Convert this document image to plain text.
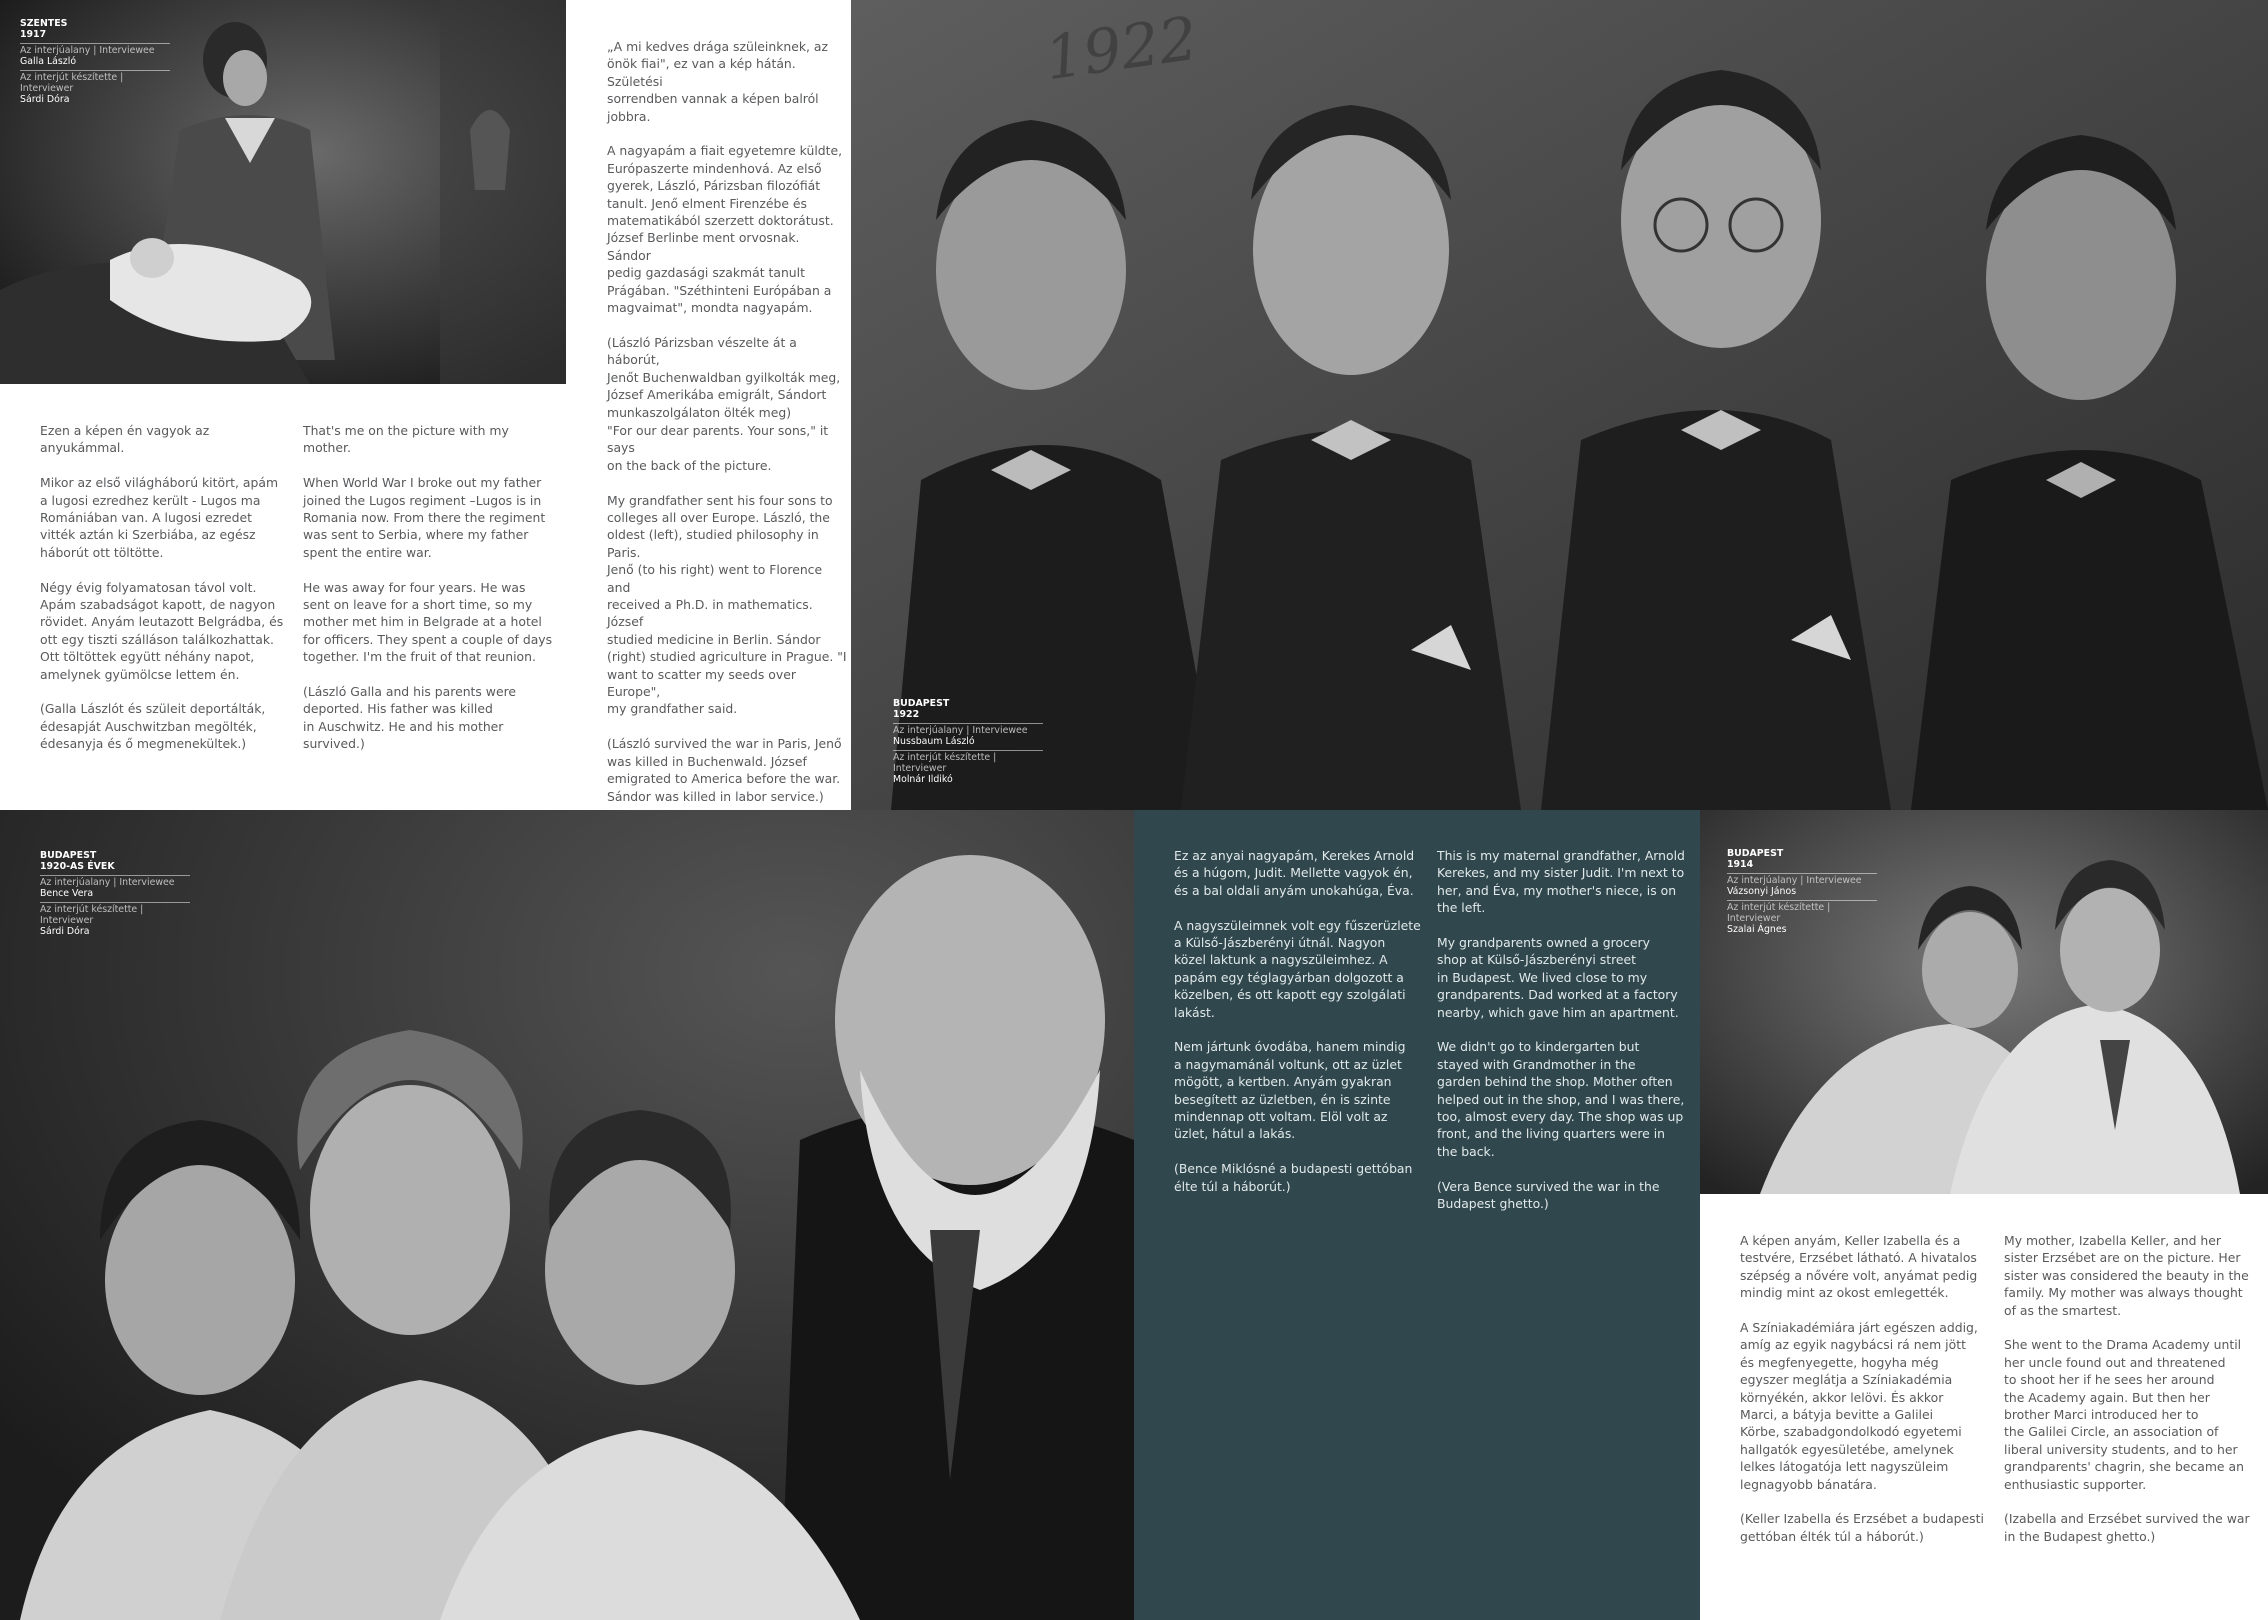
SZENTES
1917
Az interjúalany | Interviewee
Galla László
Az interjút készítette | Interviewer
Sárdi Dóra
1922
BUDAPEST
1922
Az interjúalany | Interviewee
Nussbaum László
Az interjút készítette | Interviewer
Molnár Ildikó
BUDAPEST
1920-AS ÉVEK
Az interjúalany | Interviewee
Bence Vera
Az interjút készítette | Interviewer
Sárdi Dóra
BUDAPEST
1914
Az interjúalany | Interviewee
Vázsonyi János
Az interjút készítette | Interviewer
Szalai Ágnes

Ezen a képen én vagyok az
anyukámmal.

Mikor az első világháború kitört, apám
a lugosi ezredhez került - Lugos ma
Romániában van. A lugosi ezredet
vitték aztán ki Szerbiába, az egész
háborút ott töltötte.

Négy évig folyamatosan távol volt.
Apám szabadságot kapott, de nagyon
rövidet. Anyám leutazott Belgrádba, és
ott egy tiszti szálláson találkozhattak.
Ott töltöttek együtt néhány napot,
amelynek gyümölcse lettem én.

(Galla Lászlót és szüleit deportálták,
édesapját Auschwitzban megölték,
édesanyja és ő megmenekültek.)

That's me on the picture with my
mother.

When World War I broke out my father
joined the Lugos regiment –Lugos is in
Romania now. From there the regiment
was sent to Serbia, where my father
spent the entire war.

He was away for four years. He was
sent on leave for a short time, so my
mother met him in Belgrade at a hotel
for officers. They spent a couple of days
together. I'm the fruit of that reunion.

(László Galla and his parents were
deported. His father was killed
in Auschwitz. He and his mother
survived.)

„A mi kedves drága szüleinknek, az
önök fiai", ez van a kép hátán. Születési
sorrendben vannak a képen balról
jobbra.

A nagyapám a fiait egyetemre küldte,
Európaszerte mindenhová. Az első
gyerek, László, Párizsban filozófiát
tanult. Jenő elment Firenzébe és
matematikából szerzett doktorátust.
József Berlinbe ment orvosnak. Sándor
pedig gazdasági szakmát tanult
Prágában. "Széthinteni Európában a
magvaimat", mondta nagyapám.

(László Párizsban vészelte át a háborút,
Jenőt Buchenwaldban gyilkolták meg,
József Amerikába emigrált, Sándort
munkaszolgálaton ölték meg)

"For our dear parents. Your sons," it says
on the back of the picture.

My grandfather sent his four sons to
colleges all over Europe. László, the
oldest (left), studied philosophy in Paris.
Jenő (to his right) went to Florence and
received a Ph.D. in mathematics. József
studied medicine in Berlin. Sándor
(right) studied agriculture in Prague. "I
want to scatter my seeds over Europe",
my grandfather said.

(László survived the war in Paris, Jenő
was killed in Buchenwald. József
emigrated to America before the war.
Sándor was killed in labor service.)

Ez az anyai nagyapám, Kerekes Arnold
és a húgom, Judit. Mellette vagyok én,
és a bal oldali anyám unokahúga, Éva.

A nagyszüleimnek volt egy fűszerüzlete
a Külső-Jászberényi útnál. Nagyon
közel laktunk a nagyszüleimhez. A
papám egy téglagyárban dolgozott a
közelben, és ott kapott egy szolgálati
lakást.

Nem jártunk óvodába, hanem mindig
a nagymamánál voltunk, ott az üzlet
mögött, a kertben. Anyám gyakran
besegített az üzletben, én is szinte
mindennap ott voltam. Elöl volt az
üzlet, hátul a lakás.

(Bence Miklósné a budapesti gettóban
élte túl a háborút.)

This is my maternal grandfather, Arnold
Kerekes, and my sister Judit. I'm next to
her, and Éva, my mother's niece, is on
the left.

My grandparents owned a grocery
shop at Külső-Jászberényi street
in Budapest. We lived close to my
grandparents. Dad worked at a factory
nearby, which gave him an apartment.

We didn't go to kindergarten but
stayed with Grandmother in the
garden behind the shop. Mother often
helped out in the shop, and I was there,
too, almost every day. The shop was up
front, and the living quarters were in
the back.

(Vera Bence survived the war in the
Budapest ghetto.)

A képen anyám, Keller Izabella és a
testvére, Erzsébet látható. A hivatalos
szépség a nővére volt, anyámat pedig
mindig mint az okost emlegették.

A Színiakadémiára járt egészen addig,
amíg az egyik nagybácsi rá nem jött
és megfenyegette, hogyha még
egyszer meglátja a Színiakadémia
környékén, akkor lelövi. És akkor
Marci, a bátyja bevitte a Galilei
Körbe, szabadgondolkodó egyetemi
hallgatók egyesületébe, amelynek
lelkes látogatója lett nagyszüleim
legnagyobb bánatára.

(Keller Izabella és Erzsébet a budapesti
gettóban élték túl a háborút.)

My mother, Izabella Keller, and her
sister Erzsébet are on the picture. Her
sister was considered the beauty in the
family. My mother was always thought
of as the smartest.

She went to the Drama Academy until
her uncle found out and threatened
to shoot her if he sees her around
the Academy again. But then her
brother Marci introduced her to
the Galilei Circle, an association of
liberal university students, and to her
grandparents' chagrin, she became an
enthusiastic supporter.

(Izabella and Erzsébet survived the war
in the Budapest ghetto.)
